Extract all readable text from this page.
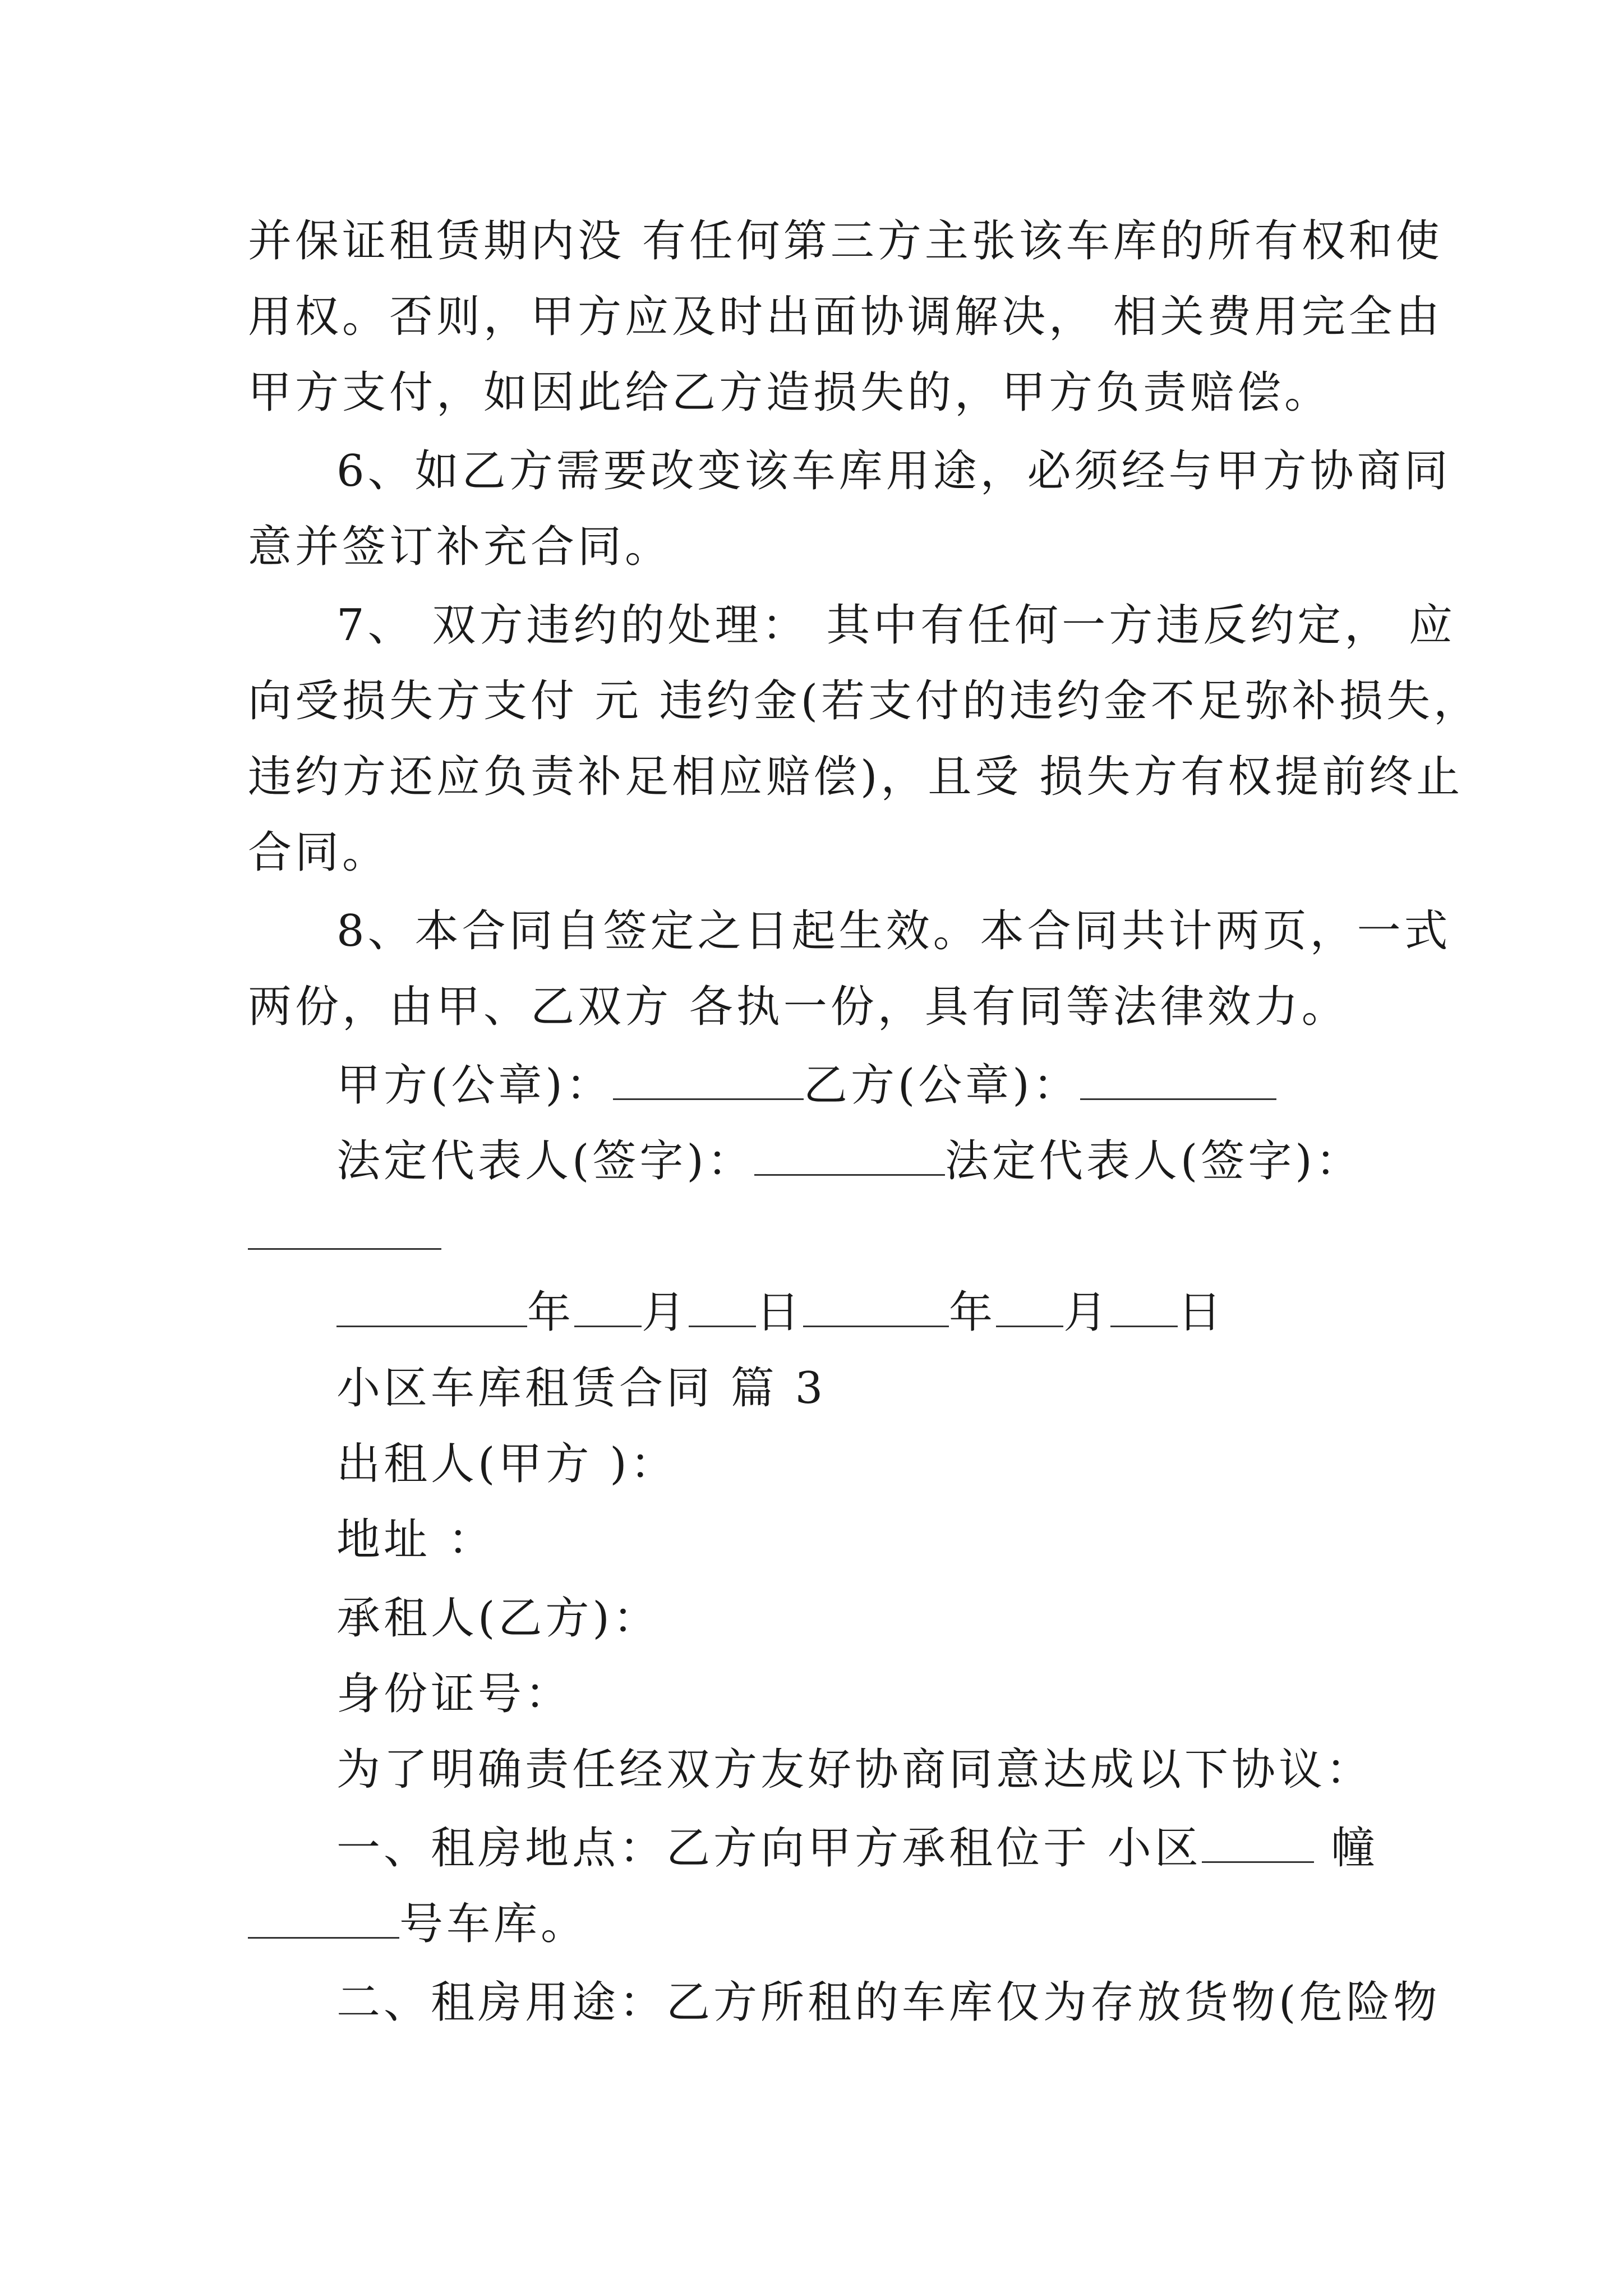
并保证租赁期内没 有任何第三方主张该车库的所有权和使
用权。否则，甲方应及时出面协调解决， 相关费用完全由
甲方支付，如因此给乙方造损失的，甲方负责赔偿。
6、如乙方需要改变该车库用途，必须经与甲方协商同
意并签订补充合同。
7、 双方违约的处理： 其中有任何一方违反约定， 应
向受损失方支付 元 违约金(若支付的违约金不足弥补损失，
违约方还应负责补足相应赔偿)，且受 损失方有权提前终止
合同。
8、本合同自签定之日起生效。本合同共计两页，一式
两份，由甲、乙双方 各执一份，具有同等法律效力。
甲方(公章)：	乙方(公章)：
法定代表人(签字)：	法定代表人(签字)：
年 月 日	年 月 日
小区车库租赁合同 篇 3
出租人(甲方 )：
地址 ：
承租人(乙方)：
身份证号：
为了明确责任经双方友好协商同意达成以下协议：
一、租房地点：乙方向甲方承租位于 小区	幢
号车库。
二、租房用途：乙方所租的车库仅为存放货物(危险物
